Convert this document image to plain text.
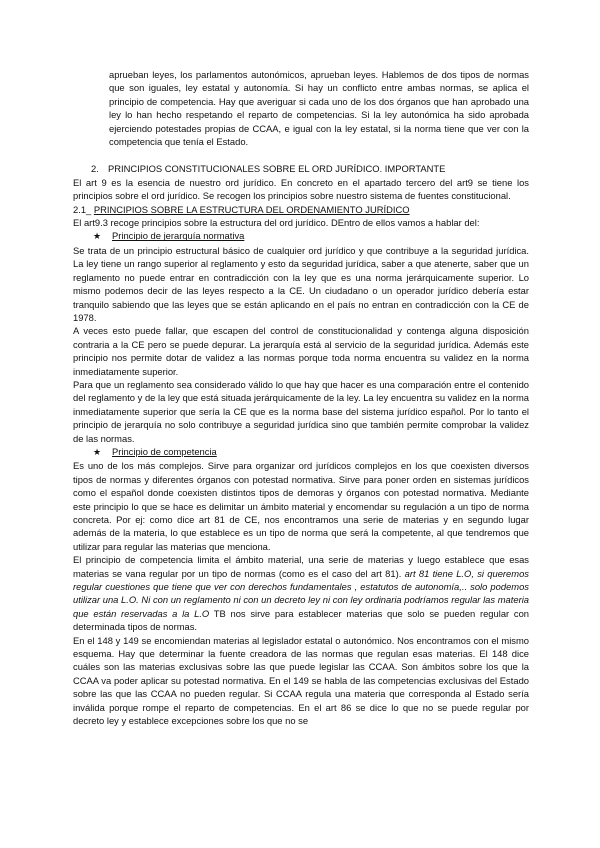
aprueban leyes, los parlamentos autonómicos, aprueban leyes. Hablemos de dos tipos de normas que son iguales, ley estatal y autonomía. Si hay un conflicto entre ambas normas, se aplica el principio de competencia. Hay que averiguar si cada uno de los dos órganos que han aprobado una ley lo han hecho respetando el reparto de competencias. Si la ley autonómica ha sido aprobada ejerciendo potestades propias de CCAA, e igual con la ley estatal, si la norma tiene que ver con la competencia que tenía el Estado.

2. PRINCIPIOS CONSTITUCIONALES SOBRE EL ORD JURÍDICO. IMPORTANTE

El art 9 es la esencia de nuestro ord jurídico. En concreto en el apartado tercero del art9 se tiene los principios sobre el ord jurídico. Se recogen los principios sobre nuestro sistema de fuentes constitucional.

2.1_ PRINCIPIOS SOBRE LA ESTRUCTURA DEL ORDENAMIENTO JURÍDICO

El art9.3 recoge principios sobre la estructura del ord jurídico. DEntro de ellos vamos a hablar del:

★ Principio de jerarquía normativa

Se trata de un principio estructural básico de cualquier ord jurídico y que contribuye a la seguridad jurídica. La ley tiene un rango superior al reglamento y esto da seguridad jurídica, saber a que atenerte, saber que un reglamento no puede entrar en contradicción con la ley que es una norma jerárquicamente superior. Lo mismo podemos decir de las leyes respecto a la CE. Un ciudadano o un operador jurídico debería estar tranquilo sabiendo que las leyes que se están aplicando en el país no entran en contradicción con la CE de 1978.

A veces esto puede fallar, que escapen del control de constitucionalidad y contenga alguna disposición contraria a la CE pero se puede depurar. La jerarquía está al servicio de la seguridad jurídica. Además este principio nos permite dotar de validez a las normas porque toda norma encuentra su validez en la norma inmediatamente superior.

Para que un reglamento sea considerado válido lo que hay que hacer es una comparación entre el contenido del reglamento y de la ley que está situada jerárquicamente de la ley. La ley encuentra su validez en la norma inmediatamente superior que sería la CE que es la norma base del sistema jurídico español. Por lo tanto el principio de jerarquía no solo contribuye a seguridad jurídica sino que también permite comprobar la validez de las normas.

★ Principio de competencia

Es uno de los más complejos. Sirve para organizar ord jurídicos complejos en los que coexisten diversos tipos de normas y diferentes órganos con potestad normativa. Sirve para poner orden en sistemas jurídicos como el español donde coexisten distintos tipos de demoras y órganos con potestad normativa. Mediante este principio lo que se hace es delimitar un ámbito material y encomendar su regulación a un tipo de norma concreta. Por ej: como dice art 81 de CE, nos encontramos una serie de materias y en segundo lugar además de la materia, lo que establece es un tipo de norma que será la competente, al que tendremos que utilizar para regular las materias que menciona.

El principio de competencia limita el ámbito material, una serie de materias y luego establece que esas materias se vana regular por un tipo de normas (como es el caso del art 81). art 81 tiene L.O, si queremos regular cuestiones que tiene que ver con derechos fundamentales , estatutos de autonomía,.. solo podemos utilizar una L.O. Ni con un reglamento ni con un decreto ley ni con ley ordinaria podríamos regular las materia que están reservadas a la L.O TB nos sirve para establecer materias que solo se pueden regular con determinada tipos de normas.

En el 148 y 149 se encomiendan materias al legislador estatal o autonómico. Nos encontramos con el mismo esquema. Hay que determinar la fuente creadora de las normas que regulan esas materias. El 148 dice cuáles son las materias exclusivas sobre las que puede legislar las CCAA. Son ámbitos sobre los que la CCAA va poder aplicar su potestad normativa. En el 149 se habla de las competencias exclusivas del Estado sobre las que las CCAA no pueden regular. Si CCAA regula una materia que corresponda al Estado sería inválida porque rompe el reparto de competencias. En el art 86 se dice lo que no se puede regular por decreto ley y establece excepciones sobre los que no se
